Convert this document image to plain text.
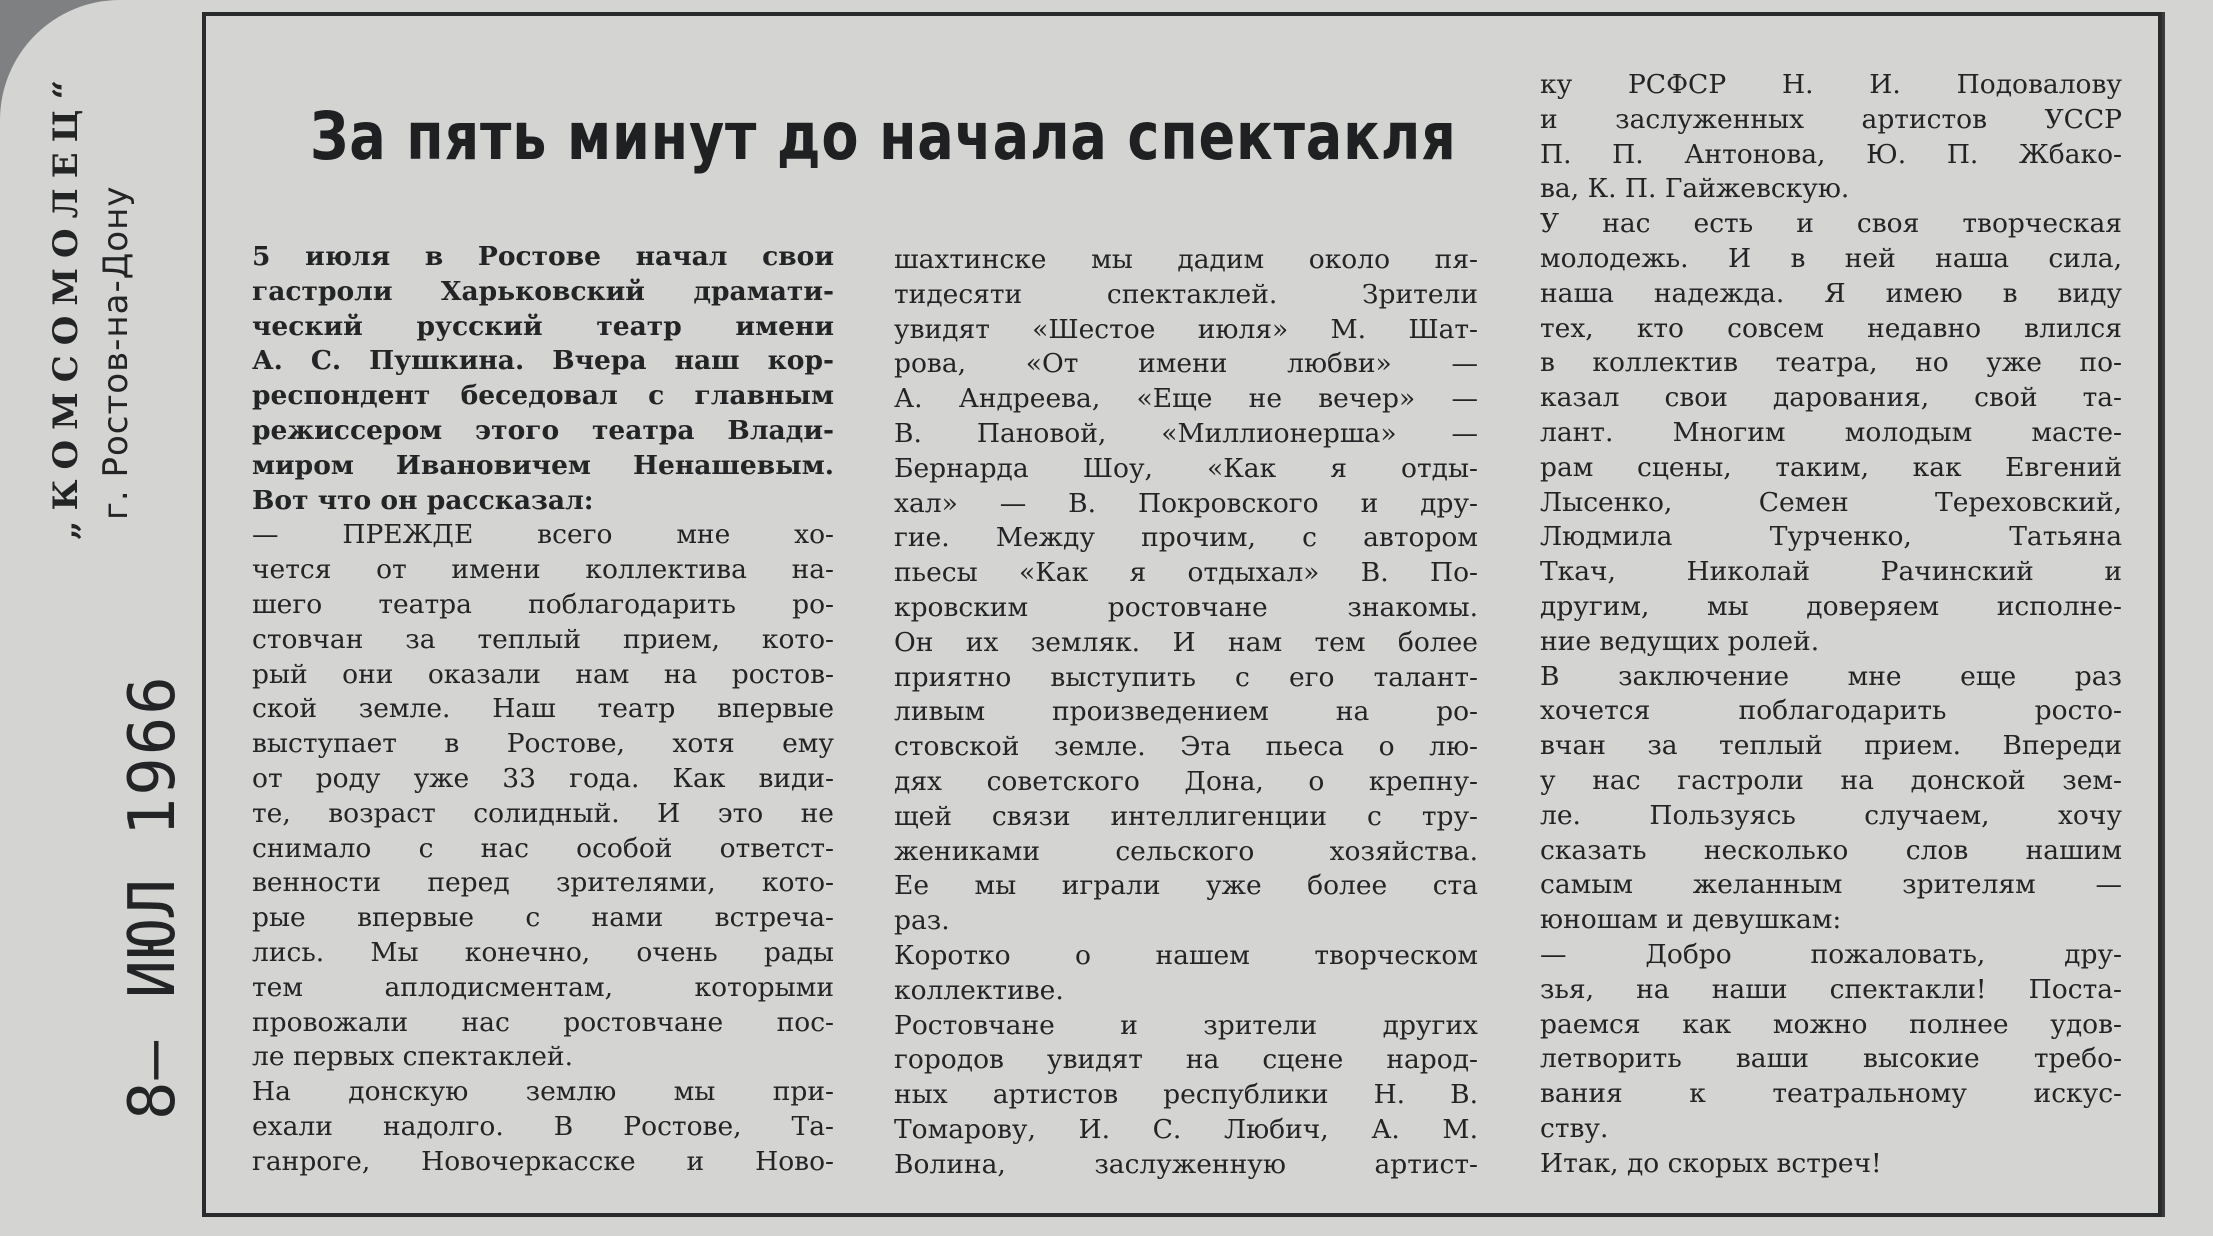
„КОМСОМОЛЕЦ“ г. Ростов-на-Дону
8— ИЮЛ 1966
За пять минут до начала спектакля
5 июля в Ростове начал свои
гастроли Харьковский драмати-
ческий русский театр имени
А. С. Пушкина. Вчера наш кор-
респондент беседовал с главным
режиссером этого театра Влади-
миром Ивановичем Ненашевым.
Вот что он рассказал:
— ПРЕЖДЕ всего мне хо-
чется от имени коллектива на-
шего театра поблагодарить ро-
стовчан за теплый прием, кото-
рый они оказали нам на ростов-
ской земле. Наш театр впервые
выступает в Ростове, хотя ему
от роду уже 33 года. Как види-
те, возраст солидный. И это не
снимало с нас особой ответст-
венности перед зрителями, кото-
рые впервые с нами встреча-
лись. Мы конечно, очень рады
тем аплодисментам, которыми
провожали нас ростовчане пос-
ле первых спектаклей.
На донскую землю мы при-
ехали надолго. В Ростове, Та-
ганроге, Новочеркасске и Ново-
шахтинске мы дадим около пя-
тидесяти спектаклей. Зрители
увидят «Шестое июля» М. Шат-
рова, «От имени любви» —
А. Андреева, «Еще не вечер» —
В. Пановой, «Миллионерша» —
Бернарда Шоу, «Как я отды-
хал» — В. Покровского и дру-
гие. Между прочим, с автором
пьесы «Как я отдыхал» В. По-
кровским ростовчане знакомы.
Он их земляк. И нам тем более
приятно выступить с его талант-
ливым произведением на ро-
стовской земле. Эта пьеса о лю-
дях советского Дона, о крепну-
щей связи интеллигенции с тру-
жениками сельского хозяйства.
Ее мы играли уже более ста
раз.
Коротко о нашем творческом
коллективе.
Ростовчане и зрители других
городов увидят на сцене народ-
ных артистов республики Н. В.
Томарову, И. С. Любич, А. М.
Волина, заслуженную артист-
ку РСФСР Н. И. Подовалову
и заслуженных артистов УССР
П. П. Антонова, Ю. П. Жбако-
ва, К. П. Гайжевскую.
У нас есть и своя творческая
молодежь. И в ней наша сила,
наша надежда. Я имею в виду
тех, кто совсем недавно влился
в коллектив театра, но уже по-
казал свои дарования, свой та-
лант. Многим молодым масте-
рам сцены, таким, как Евгений
Лысенко, Семен Тереховский,
Людмила Турченко, Татьяна
Ткач, Николай Рачинский и
другим, мы доверяем исполне-
ние ведущих ролей.
В заключение мне еще раз
хочется поблагодарить росто-
вчан за теплый прием. Впереди
у нас гастроли на донской зем-
ле. Пользуясь случаем, хочу
сказать несколько слов нашим
самым желанным зрителям —
юношам и девушкам:
— Добро пожаловать, дру-
зья, на наши спектакли! Поста-
раемся как можно полнее удов-
летворить ваши высокие требо-
вания к театральному искус-
ству.
Итак, до скорых встреч!
